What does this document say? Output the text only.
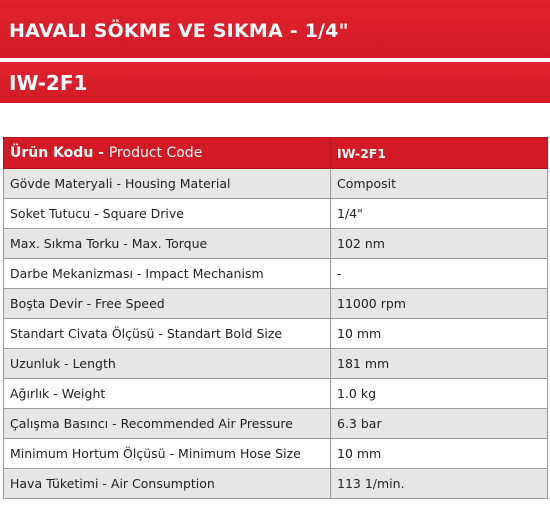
HAVALI SÖKME VE SIKMA - 1/4"
IW-2F1
Ürün Kodu - Product Code	IW-2F1
Gövde Materyali - Housing Material	Composit
Soket Tutucu - Square Drive	1/4"
Max. Sıkma Torku - Max. Torque	102 nm
Darbe Mekanizması - Impact Mechanism	-
Boşta Devir - Free Speed	11000 rpm
Standart Civata Ölçüsü - Standart Bold Size	10 mm
Uzunluk - Length	181 mm
Ağırlık - Weight	1.0 kg
Çalışma Basıncı - Recommended Air Pressure	6.3 bar
Minimum Hortum Ölçüsü - Minimum Hose Size	10 mm
Hava Tüketimi - Air Consumption	113 1/min.
